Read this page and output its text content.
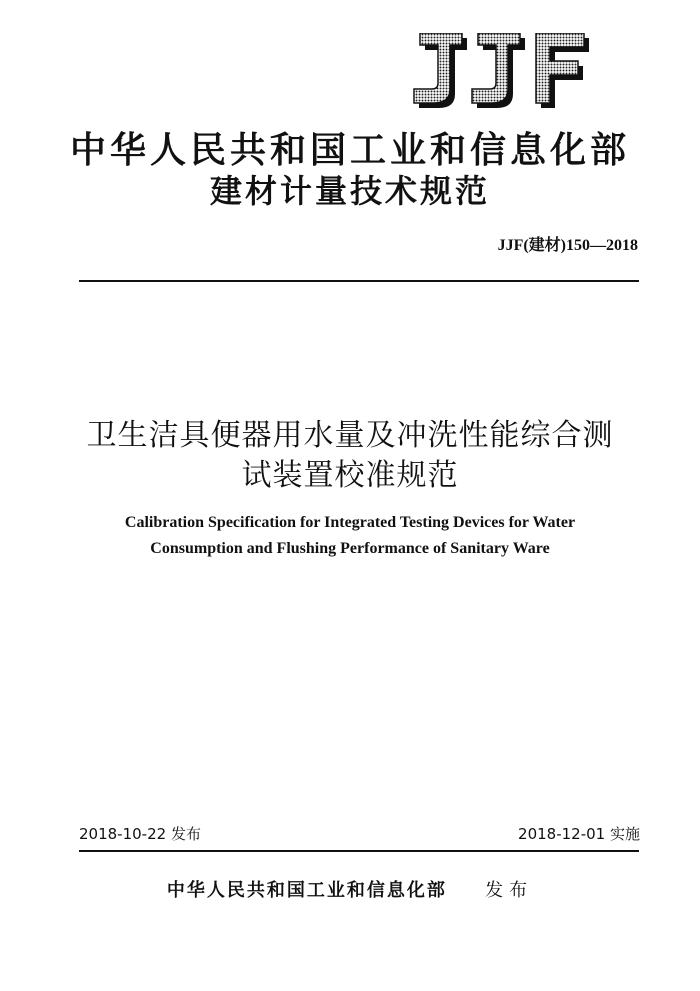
中华人民共和国工业和信息化部
建材计量技术规范
JJF(建材)150—2018
卫生洁具便器用水量及冲洗性能综合测
试装置校准规范
Calibration Specification for Integrated Testing Devices for Water
Consumption and Flushing Performance of Sanitary Ware
2018-10-22 发布	2018-12-01 实施
中华人民共和国工业和信息化部 发布
